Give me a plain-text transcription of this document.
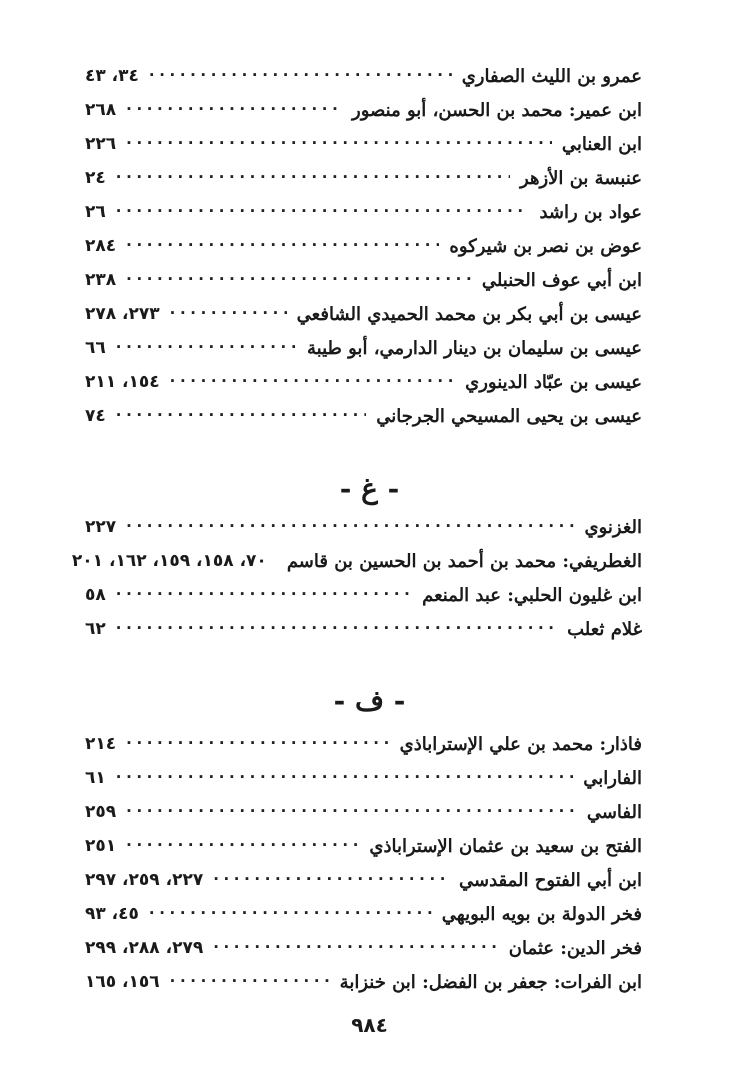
عمرو بن الليث الصفاري
.....
٣٤، ٤٣
ابن عمير: محمد بن الحسن، أبو منصور
.....
٢٦٨
ابن العنابي
.....
٢٢٦
عنبسة بن الأزهر
.....
٢٤
عواد بن راشد
.....
٢٦
عوض بن نصر بن شيركوه
.....
٢٨٤
ابن أبي عوف الحنبلي
.....
٢٣٨
عيسى بن أبي بكر بن محمد الحميدي الشافعي
.....
٢٧٣، ٢٧٨
عيسى بن سليمان بن دينار الدارمي، أبو طيبة
.....
٦٦
عيسى بن عبّاد الدينوري
.....
١٥٤، ٢١١
عيسى بن يحيى المسيحي الجرجاني
.....
٧٤
- غ -
الغزنوي
.....
٢٢٧
الغطريفي: محمد بن أحمد بن الحسين بن قاسم
٧٠، ١٥٨، ١٥٩، ١٦٢، ٢٠١
ابن غليون الحلبي: عبد المنعم
.....
٥٨
غلام ثعلب
.....
٦٢
- ف -
فاذار: محمد بن علي الإستراباذي
.....
٢١٤
الفارابي
.....
٦١
الفاسي
.....
٢٥٩
الفتح بن سعيد بن عثمان الإستراباذي
.....
٢٥١
ابن أبي الفتوح المقدسي
.....
٢٢٧، ٢٥٩، ٢٩٧
فخر الدولة بن بويه البويهي
.....
٤٥، ٩٣
فخر الدين: عثمان
.....
٢٧٩، ٢٨٨، ٢٩٩
ابن الفرات: جعفر بن الفضل: ابن خنزابة
.....
١٥٦، ١٦٥
٩٨٤
